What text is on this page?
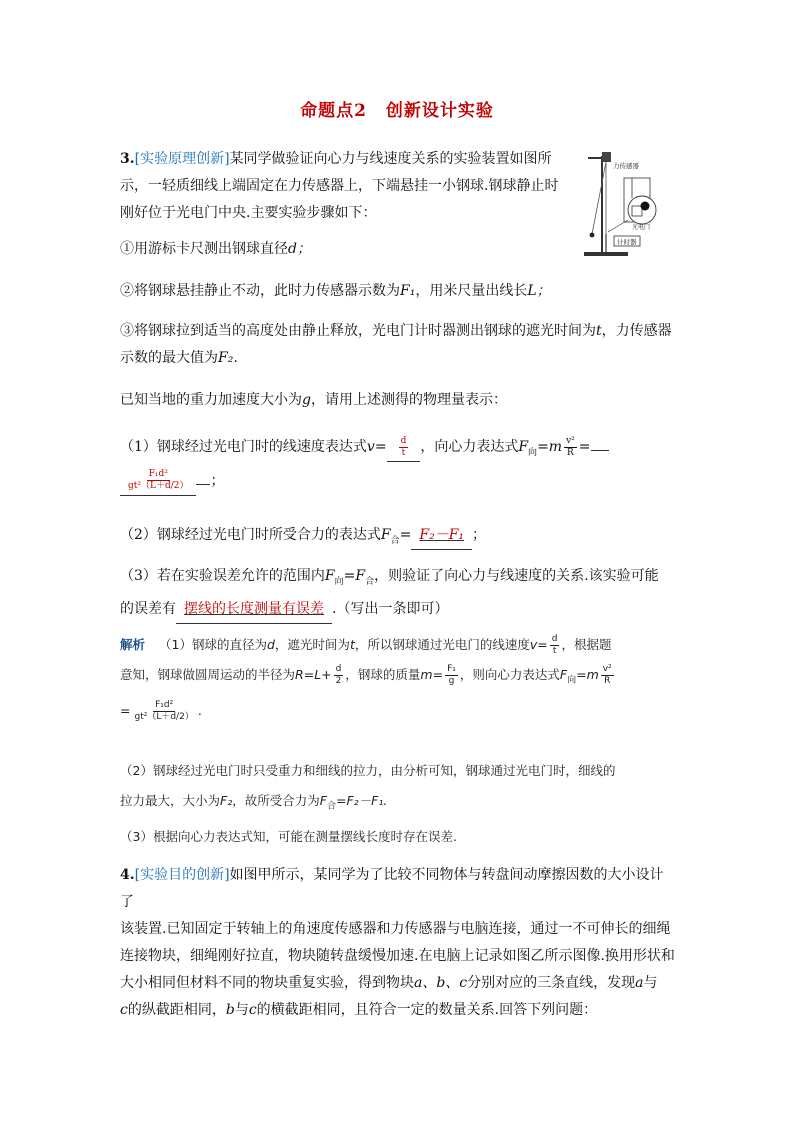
命题点2 创新设计实验
3.[实验原理创新]某同学做验证向心力与线速度关系的实验装置如图所
示，一轻质细线上端固定在力传感器上，下端悬挂一小钢球.钢球静止时
刚好位于光电门中央.主要实验步骤如下：
力传感器
光电门
计时器
①用游标卡尺测出钢球直径d；
②将钢球悬挂静止不动，此时力传感器示数为F₁，用米尺量出线长L；
③将钢球拉到适当的高度处由静止释放，光电门计时器测出钢球的遮光时间为t，力传感器
示数的最大值为F₂.
已知当地的重力加速度大小为g，请用上述测得的物理量表示：
（1）钢球经过光电门时的线速度表达式$v= \frac{d}{t}$ ，向心力表达式$F_向=m \frac{\text{v²}}{R}$ =

$\frac{\text{F₁d²}}{\text{gt²（L＋d/2）}}$ ；
（2）钢球经过光电门时所受合力的表达式$F_合= F_2-F_1$ ；
（3）若在实验误差允许的范围内$F_向=F_合$，则验证了向心力与线速度的关系.该实验可能
的误差有 摆线的长度测量有误差 .（写出一条即可）
解析 （1）钢球的直径为d，遮光时间为t，所以钢球通过光电门的线速度$v= \frac{d}{t}$ ，根据题
意知，钢球做圆周运动的半径为$R=L+ \frac{d}{2}$ ，钢球的质量$m= \frac{\text{F₁}}{g}$ ，则向心力表达式$F_向=m \frac{\text{v²}}{R}$

= $\frac{\text{F₁d²}}{\text{gt²（L＋d/2）}}$ .
（2）钢球经过光电门时只受重力和细线的拉力，由分析可知，钢球通过光电门时，细线的
拉力最大，大小为F₂，故所受合力为$F_合=F_2-F_1$.
（3）根据向心力表达式知，可能在测量摆线长度时存在误差.
4.[实验目的创新]如图甲所示，某同学为了比较不同物体与转盘间动摩擦因数的大小设计了
该装置.已知固定于转轴上的角速度传感器和力传感器与电脑连接，通过一不可伸长的细绳
连接物块，细绳刚好拉直，物块随转盘缓慢加速.在电脑上记录如图乙所示图像.换用形状和
大小相同但材料不同的物块重复实验，得到物块a、b、c分别对应的三条直线，发现a与
c的纵截距相同，b与c的横截距相同，且符合一定的数量关系.回答下列问题：
